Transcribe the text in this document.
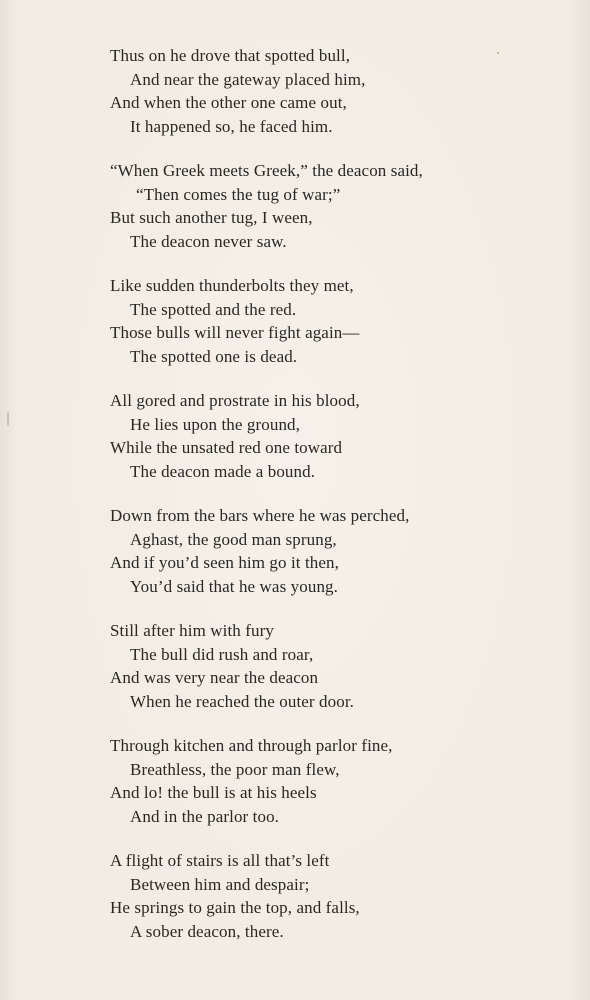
Thus on he drove that spotted bull,
And near the gateway placed him,
And when the other one came out,
It happened so, he faced him.
“When Greek meets Greek,” the deacon said,
“Then comes the tug of war;”
But such another tug, I ween,
The deacon never saw.
Like sudden thunderbolts they met,
The spotted and the red.
Those bulls will never fight again—
The spotted one is dead.
All gored and prostrate in his blood,
He lies upon the ground,
While the unsated red one toward
The deacon made a bound.
Down from the bars where he was perched,
Aghast, the good man sprung,
And if you’d seen him go it then,
You’d said that he was young.
Still after him with fury
The bull did rush and roar,
And was very near the deacon
When he reached the outer door.
Through kitchen and through parlor fine,
Breathless, the poor man flew,
And lo! the bull is at his heels
And in the parlor too.
A flight of stairs is all that’s left
Between him and despair;
He springs to gain the top, and falls,
A sober deacon, there.
